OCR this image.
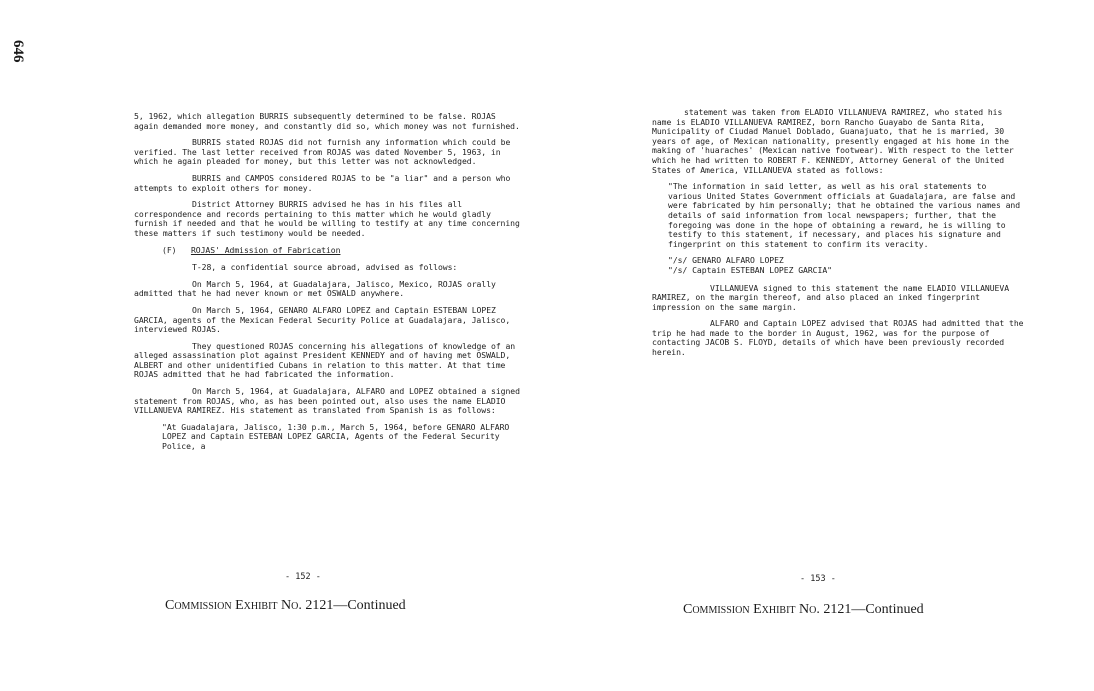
646

5, 1962, which allegation BURRIS subsequently determined to be false. ROJAS again demanded more money, and constantly did so, which money was not furnished.

BURRIS stated ROJAS did not furnish any information which could be verified. The last letter received from ROJAS was dated November 5, 1963, in which he again pleaded for money, but this letter was not acknowledged.

BURRIS and CAMPOS considered ROJAS to be "a liar" and a person who attempts to exploit others for money.

District Attorney BURRIS advised he has in his files all correspondence and records pertaining to this matter which he would gladly furnish if needed and that he would be willing to testify at any time concerning these matters if such testimony would be needed.

(F) ROJAS' Admission of Fabrication

T-28, a confidential source abroad, advised as follows:

On March 5, 1964, at Guadalajara, Jalisco, Mexico, ROJAS orally admitted that he had never known or met OSWALD anywhere.

On March 5, 1964, GENARO ALFARO LOPEZ and Captain ESTEBAN LOPEZ GARCIA, agents of the Mexican Federal Security Police at Guadalajara, Jalisco, interviewed ROJAS.

They questioned ROJAS concerning his allegations of knowledge of an alleged assassination plot against President KENNEDY and of having met OSWALD, ALBERT and other unidentified Cubans in relation to this matter. At that time ROJAS admitted that he had fabricated the information.

On March 5, 1964, at Guadalajara, ALFARO and LOPEZ obtained a signed statement from ROJAS, who, as has been pointed out, also uses the name ELADIO VILLANUEVA RAMIREZ. His statement as translated from Spanish is as follows:

"At Guadalajara, Jalisco, 1:30 p.m., March 5, 1964, before GENARO ALFARO LOPEZ and Captain ESTEBAN LOPEZ GARCIA, Agents of the Federal Security Police, a

- 152 -
Commission Exhibit No. 2121—Continued

statement was taken from ELADIO VILLANUEVA RAMIREZ, who stated his name is ELADIO VILLANUEVA RAMIREZ, born Rancho Guayabo de Santa Rita, Municipality of Ciudad Manuel Doblado, Guanajuato, that he is married, 30 years of age, of Mexican nationality, presently engaged at his home in the making of 'huaraches' (Mexican native footwear). With respect to the letter which he had written to ROBERT F. KENNEDY, Attorney General of the United States of America, VILLANUEVA stated as follows:

"The information in said letter, as well as his oral statements to various United States Government officials at Guadalajara, are false and were fabricated by him personally; that he obtained the various names and details of said information from local newspapers; further, that the foregoing was done in the hope of obtaining a reward, he is willing to testify to this statement, if necessary, and places his signature and fingerprint on this statement to confirm its veracity.

"/s/ GENARO ALFARO LOPEZ
"/s/ Captain ESTEBAN LOPEZ GARCIA"

VILLANUEVA signed to this statement the name ELADIO VILLANUEVA RAMIREZ, on the margin thereof, and also placed an inked fingerprint impression on the same margin.

ALFARO and Captain LOPEZ advised that ROJAS had admitted that the trip he had made to the border in August, 1962, was for the purpose of contacting JACOB S. FLOYD, details of which have been previously recorded herein.

- 153 -
Commission Exhibit No. 2121—Continued
